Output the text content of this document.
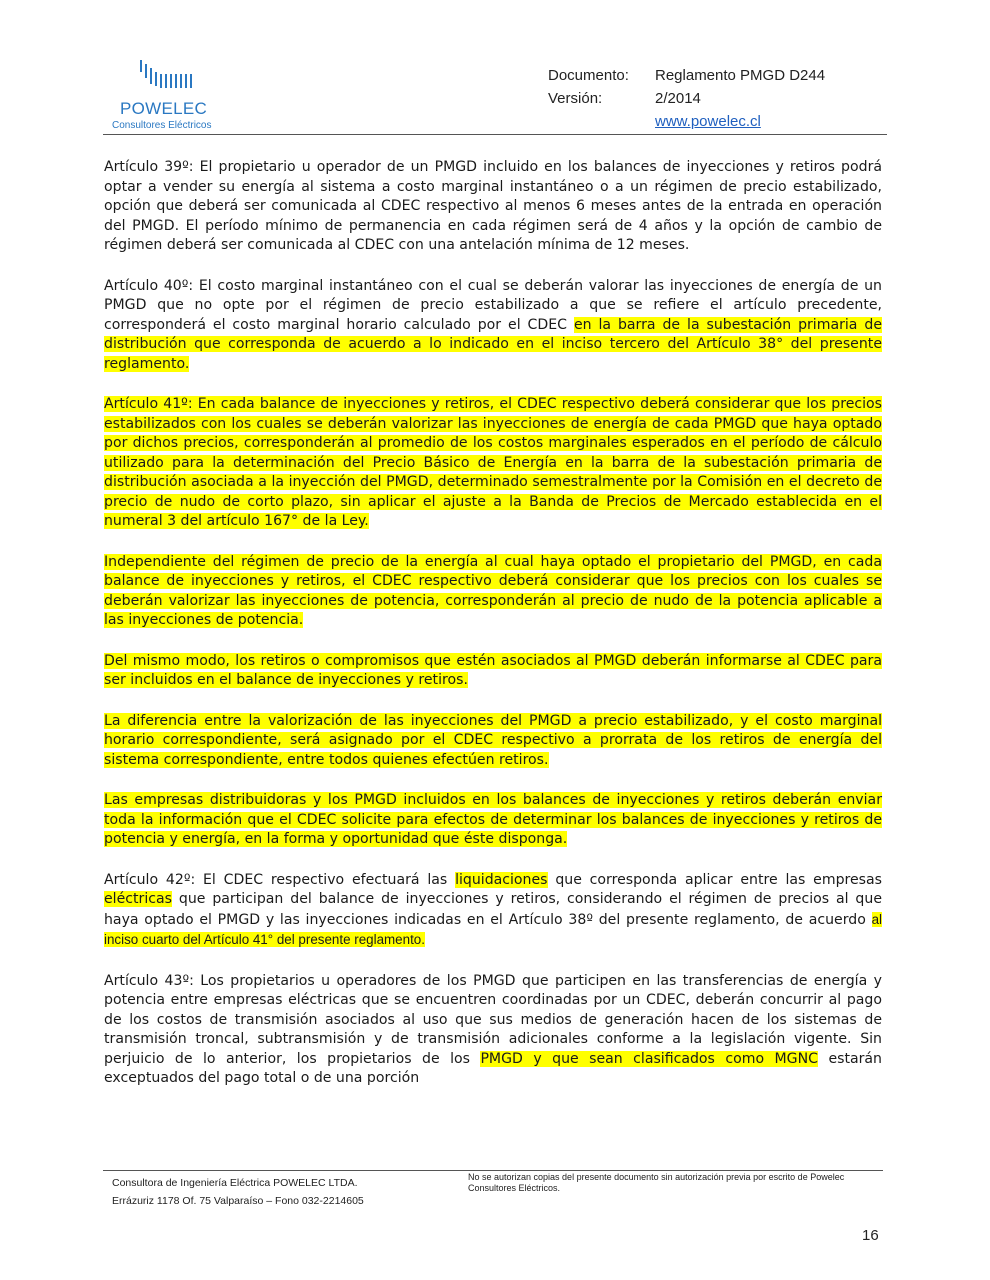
POWELEC
Consultores Eléctricos
Documento: Reglamento PMGD D244
Versión:	2/2014
www.powelec.cl

Artículo 39º: El propietario u operador de un PMGD incluido en los balances de inyecciones y retiros podrá optar a vender su energía al sistema a costo marginal instantáneo o a un régimen de precio estabilizado, opción que deberá ser comunicada al CDEC respectivo al menos 6 meses antes de la entrada en operación del PMGD. El período mínimo de permanencia en cada régimen será de 4 años y la opción de cambio de régimen deberá ser comunicada al CDEC con una antelación mínima de 12 meses.

Artículo 40º: El costo marginal instantáneo con el cual se deberán valorar las inyecciones de energía de un PMGD que no opte por el régimen de precio estabilizado a que se refiere el artículo precedente, corresponderá el costo marginal horario calculado por el CDEC en la barra de la subestación primaria de distribución que corresponda de acuerdo a lo indicado en el inciso tercero del Artículo 38° del presente reglamento.

Artículo 41º: En cada balance de inyecciones y retiros, el CDEC respectivo deberá considerar que los precios estabilizados con los cuales se deberán valorizar las inyecciones de energía de cada PMGD que haya optado por dichos precios, corresponderán al promedio de los costos marginales esperados en el período de cálculo utilizado para la determinación del Precio Básico de Energía en la barra de la subestación primaria de distribución asociada a la inyección del PMGD, determinado semestralmente por la Comisión en el decreto de precio de nudo de corto plazo, sin aplicar el ajuste a la Banda de Precios de Mercado establecida en el numeral 3 del artículo 167° de la Ley.

Independiente del régimen de precio de la energía al cual haya optado el propietario del PMGD, en cada balance de inyecciones y retiros, el CDEC respectivo deberá considerar que los precios con los cuales se deberán valorizar las inyecciones de potencia, corresponderán al precio de nudo de la potencia aplicable a las inyecciones de potencia.

Del mismo modo, los retiros o compromisos que estén asociados al PMGD deberán informarse al CDEC para ser incluidos en el balance de inyecciones y retiros.

La diferencia entre la valorización de las inyecciones del PMGD a precio estabilizado, y el costo marginal horario correspondiente, será asignado por el CDEC respectivo a prorrata de los retiros de energía del sistema correspondiente, entre todos quienes efectúen retiros.

Las empresas distribuidoras y los PMGD incluidos en los balances de inyecciones y retiros deberán enviar toda la información que el CDEC solicite para efectos de determinar los balances de inyecciones y retiros de potencia y energía, en la forma y oportunidad que éste disponga.

Artículo 42º: El CDEC respectivo efectuará las liquidaciones que corresponda aplicar entre las empresas eléctricas que participan del balance de inyecciones y retiros, considerando el régimen de precios al que haya optado el PMGD y las inyecciones indicadas en el Artículo 38º del presente reglamento, de acuerdo al inciso cuarto del Artículo 41° del presente reglamento.

Artículo 43º: Los propietarios u operadores de los PMGD que participen en las transferencias de energía y potencia entre empresas eléctricas que se encuentren coordinadas por un CDEC, deberán concurrir al pago de los costos de transmisión asociados al uso que sus medios de generación hacen de los sistemas de transmisión troncal, subtransmisión y de transmisión adicionales conforme a la legislación vigente. Sin perjuicio de lo anterior, los propietarios de los PMGD y que sean clasificados como MGNC estarán exceptuados del pago total o de una porción

Consultora de Ingeniería Eléctrica POWELEC LTDA.
Errázuriz 1178 Of. 75 Valparaíso – Fono 032-2214605
No se autorizan copias del presente documento sin autorización previa por escrito de Powelec Consultores Eléctricos.
16
